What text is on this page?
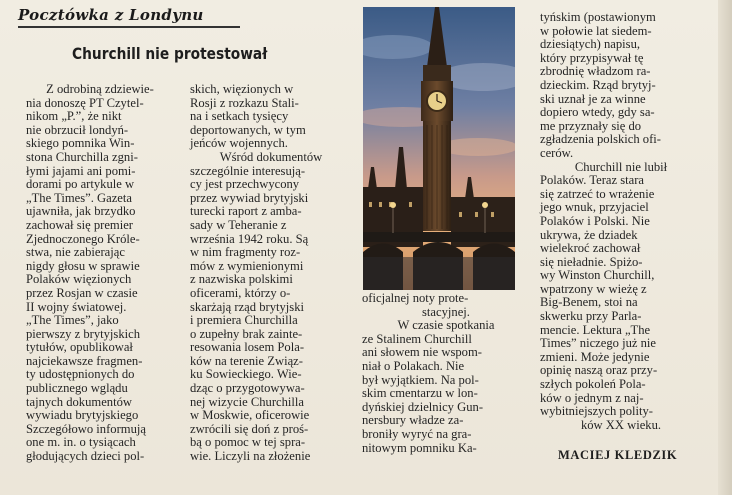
Pocztówka z Londynu
Churchill nie protestował

Z odrobiną zdziewie-

nia donoszę PT Czytel-

nikom „P.”, że nikt

nie obrzucił londyń-

skiego pomnika Win-

stona Churchilla zgni-

łymi jajami ani pomi-

dorami po artykule w

„The Times”. Gazeta

ujawniła, jak brzydko

zachował się premier

Zjednoczonego Króle-

stwa, nie zabierając

nigdy głosu w sprawie

Polaków więzionych

przez Rosjan w czasie

II wojny światowej.

„The Times”, jako

pierwszy z brytyjskich

tytułów, opublikował

najciekawsze fragmen-

ty udostępnionych do

publicznego wglądu

tajnych dokumentów

wywiadu brytyjskiego

Szczegółowo informują

one m. in. o tysiącach

głodujących dzieci pol-

skich, więzionych w

Rosji z rozkazu Stali-

na i setkach tysięcy

deportowanych, w tym

jeńców wojennych.

Wśród dokumentów

szczególnie interesują-

cy jest przechwycony

przez wywiad brytyjski

turecki raport z amba-

sady w Teheranie z

września 1942 roku. Są

w nim fragmenty roz-

mów z wymienionymi

z nazwiska polskimi

oficerami, którzy o-

skarżają rząd brytyjski

i premiera Churchilla

o zupełny brak zainte-

resowania losem Pola-

ków na terenie Związ-

ku Sowieckiego. Wie-

dząc o przygotowywa-

nej wizycie Churchilla

w Moskwie, oficerowie

zwrócili się doń z proś-

bą o pomoc w tej spra-

wie. Liczyli na złożenie

oficjalnej noty prote-

stacyjnej.

W czasie spotkania

ze Stalinem Churchill

ani słowem nie wspom-

niał o Polakach. Nie

był wyjątkiem. Na pol-

skim cmentarzu w lon-

dyńskiej dzielnicy Gun-

nersbury władze za-

broniły wyryć na gra-

nitowym pomniku Ka-

tyńskim (postawionym

w połowie lat siedem-

dziesiątych) napisu,

który przypisywał tę

zbrodnię władzom ra-

dzieckim. Rząd brytyj-

ski uznał je za winne

dopiero wtedy, gdy sa-

me przyznały się do

zgładzenia polskich ofi-

cerów.

Churchill nie lubił

Polaków. Teraz stara

się zatrzeć to wrażenie

jego wnuk, przyjaciel

Polaków i Polski. Nie

ukrywa, że dziadek

wielekroć zachował

się nieładnie. Spiżo-

wy Winston Churchill,

wpatrzony w wieżę z

Big-Benem, stoi na

skwerku przy Parla-

mencie. Lektura „The

Times” niczego już nie

zmieni. Może jedynie

opinię naszą oraz przy-

szłych pokoleń Pola-

ków o jednym z naj-

wybitniejszych polity-

ków XX wieku.

MACIEJ KLEDZIK
